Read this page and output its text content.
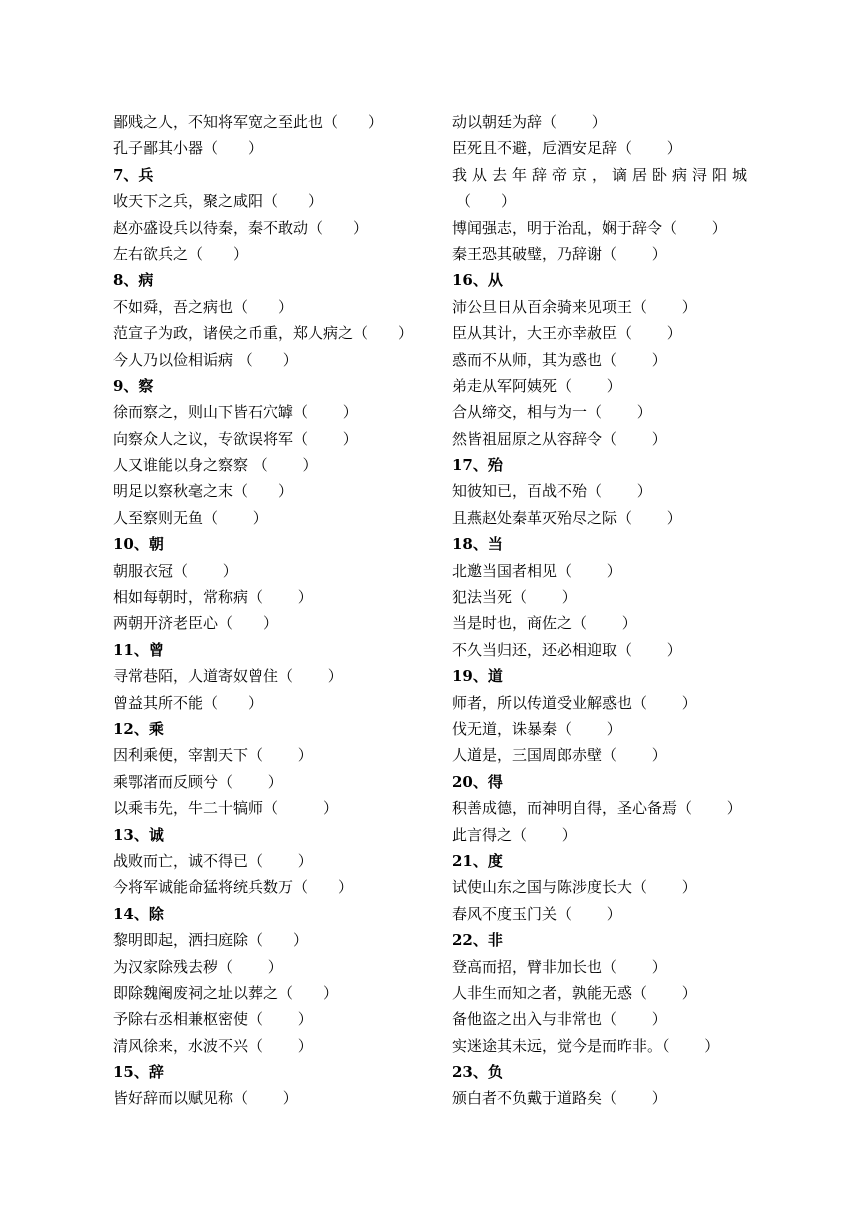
鄙贱之人，不知将军宽之至此也（　　）
孔子鄙其小器（　　）
7、兵
收天下之兵，聚之咸阳（　　）
赵亦盛设兵以待秦，秦不敢动（　　）
左右欲兵之（　　）
8、病
不如舜，吾之病也（　　）
范宣子为政，诸侯之币重，郑人病之（　　）
今人乃以俭相诟病 （　　）
9、察
徐而察之，则山下皆石穴罅（　　 ）
向察众人之议，专欲误将军（　　 ）
人又谁能以身之察察 （　　 ）
明足以察秋毫之末（　　）
人至察则无鱼（　　 ）
10、朝
朝服衣冠（　　 ）
相如每朝时，常称病（　　 ）
两朝开济老臣心（　　）
11、曾
寻常巷陌，人道寄奴曾住（　　 ）
曾益其所不能（　　）
12、乘
因利乘便，宰割天下（　　 ）
乘鄂渚而反顾兮（　　 ）
以乘韦先，牛二十犒师（　　　）
13、诚
战败而亡，诚不得已（　　 ）
今将军诚能命猛将统兵数万（　　）
14、除
黎明即起，洒扫庭除（　　）
为汉家除残去秽（　　 ）
即除魏阉废祠之址以葬之（　　）
予除右丞相兼枢密使（　　 ）
清风徐来，水波不兴（　　 ）
15、辞
皆好辞而以赋见称（　　 ）
动以朝廷为辞（　　 ）
臣死且不避，卮酒安足辞（　　 ）
我从去年辞帝京，谪居卧病浔阳城
（　　）
博闻强志，明于治乱，娴于辞令（　　 ）
秦王恐其破璧，乃辞谢（　　 ）
16、从
沛公旦日从百余骑来见项王（　　 ）
臣从其计，大王亦幸赦臣（　　 ）
惑而不从师，其为惑也（　　 ）
弟走从军阿姨死（　　 ）
合从缔交，相与为一（　　 ）
然皆祖屈原之从容辞令（　　 ）
17、殆
知彼知已，百战不殆（　　 ）
且燕赵处秦革灭殆尽之际（　　 ）
18、当
北邀当国者相见（　　 ）
犯法当死（　　 ）
当是时也，商佐之（　　 ）
不久当归还，还必相迎取（　　 ）
19、道
师者，所以传道受业解惑也（　　 ）
伐无道，诛暴秦（　　 ）
人道是，三国周郎赤壁（　　 ）
20、得
积善成德，而神明自得，圣心备焉（　　 ）
此言得之（　　 ）
21、度
试使山东之国与陈涉度长大（　　 ）
春风不度玉门关（　　 ）
22、非
登高而招，臂非加长也（　　 ）
人非生而知之者，孰能无惑（　　 ）
备他盗之出入与非常也（　　 ）
实迷途其未远，觉今是而昨非。（　　 ）
23、负
颁白者不负戴于道路矣（　　 ）
